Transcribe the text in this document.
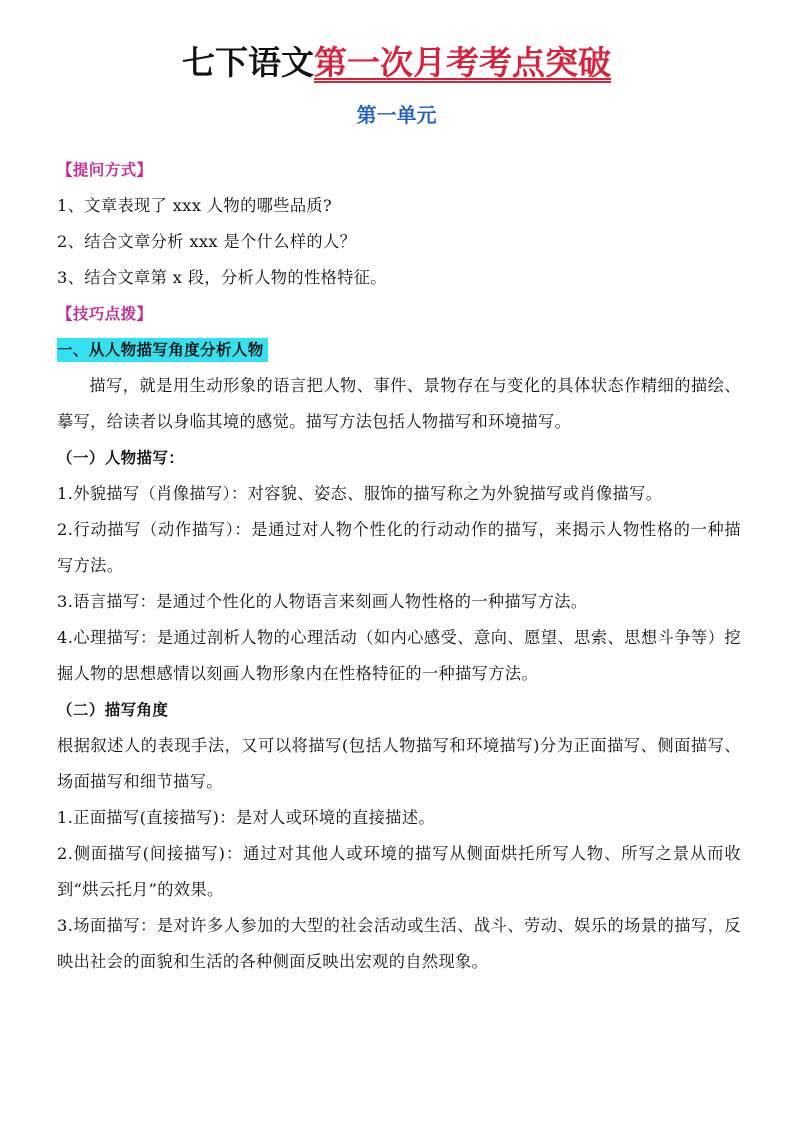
七下语文第一次月考考点突破
第一单元
【提问方式】
1、文章表现了 xxx 人物的哪些品质?
2、结合文章分析 xxx 是个什么样的人？
3、结合文章第 x 段，分析人物的性格特征。
【技巧点拨】
一、从人物描写角度分析人物
描写，就是用生动形象的语言把人物、事件、景物存在与变化的具体状态作精细的描绘、摹写，给读者以身临其境的感觉。描写方法包括人物描写和环境描写。
（一）人物描写：
1.外貌描写（肖像描写）：对容貌、姿态、服饰的描写称之为外貌描写或肖像描写。
2.行动描写（动作描写）：是通过对人物个性化的行动动作的描写，来揭示人物性格的一种描写方法。
3.语言描写：是通过个性化的人物语言来刻画人物性格的一种描写方法。
4.心理描写：是通过剖析人物的心理活动（如内心感受、意向、愿望、思索、思想斗争等）挖掘人物的思想感情以刻画人物形象内在性格特征的一种描写方法。
（二）描写角度
根据叙述人的表现手法，又可以将描写(包括人物描写和环境描写)分为正面描写、侧面描写、场面描写和细节描写。
1.正面描写(直接描写)：是对人或环境的直接描述。
2.侧面描写(间接描写)：通过对其他人或环境的描写从侧面烘托所写人物、所写之景从而收到“烘云托月”的效果。
3.场面描写：是对许多人参加的大型的社会活动或生活、战斗、劳动、娱乐的场景的描写，反映出社会的面貌和生活的各种侧面反映出宏观的自然现象。
